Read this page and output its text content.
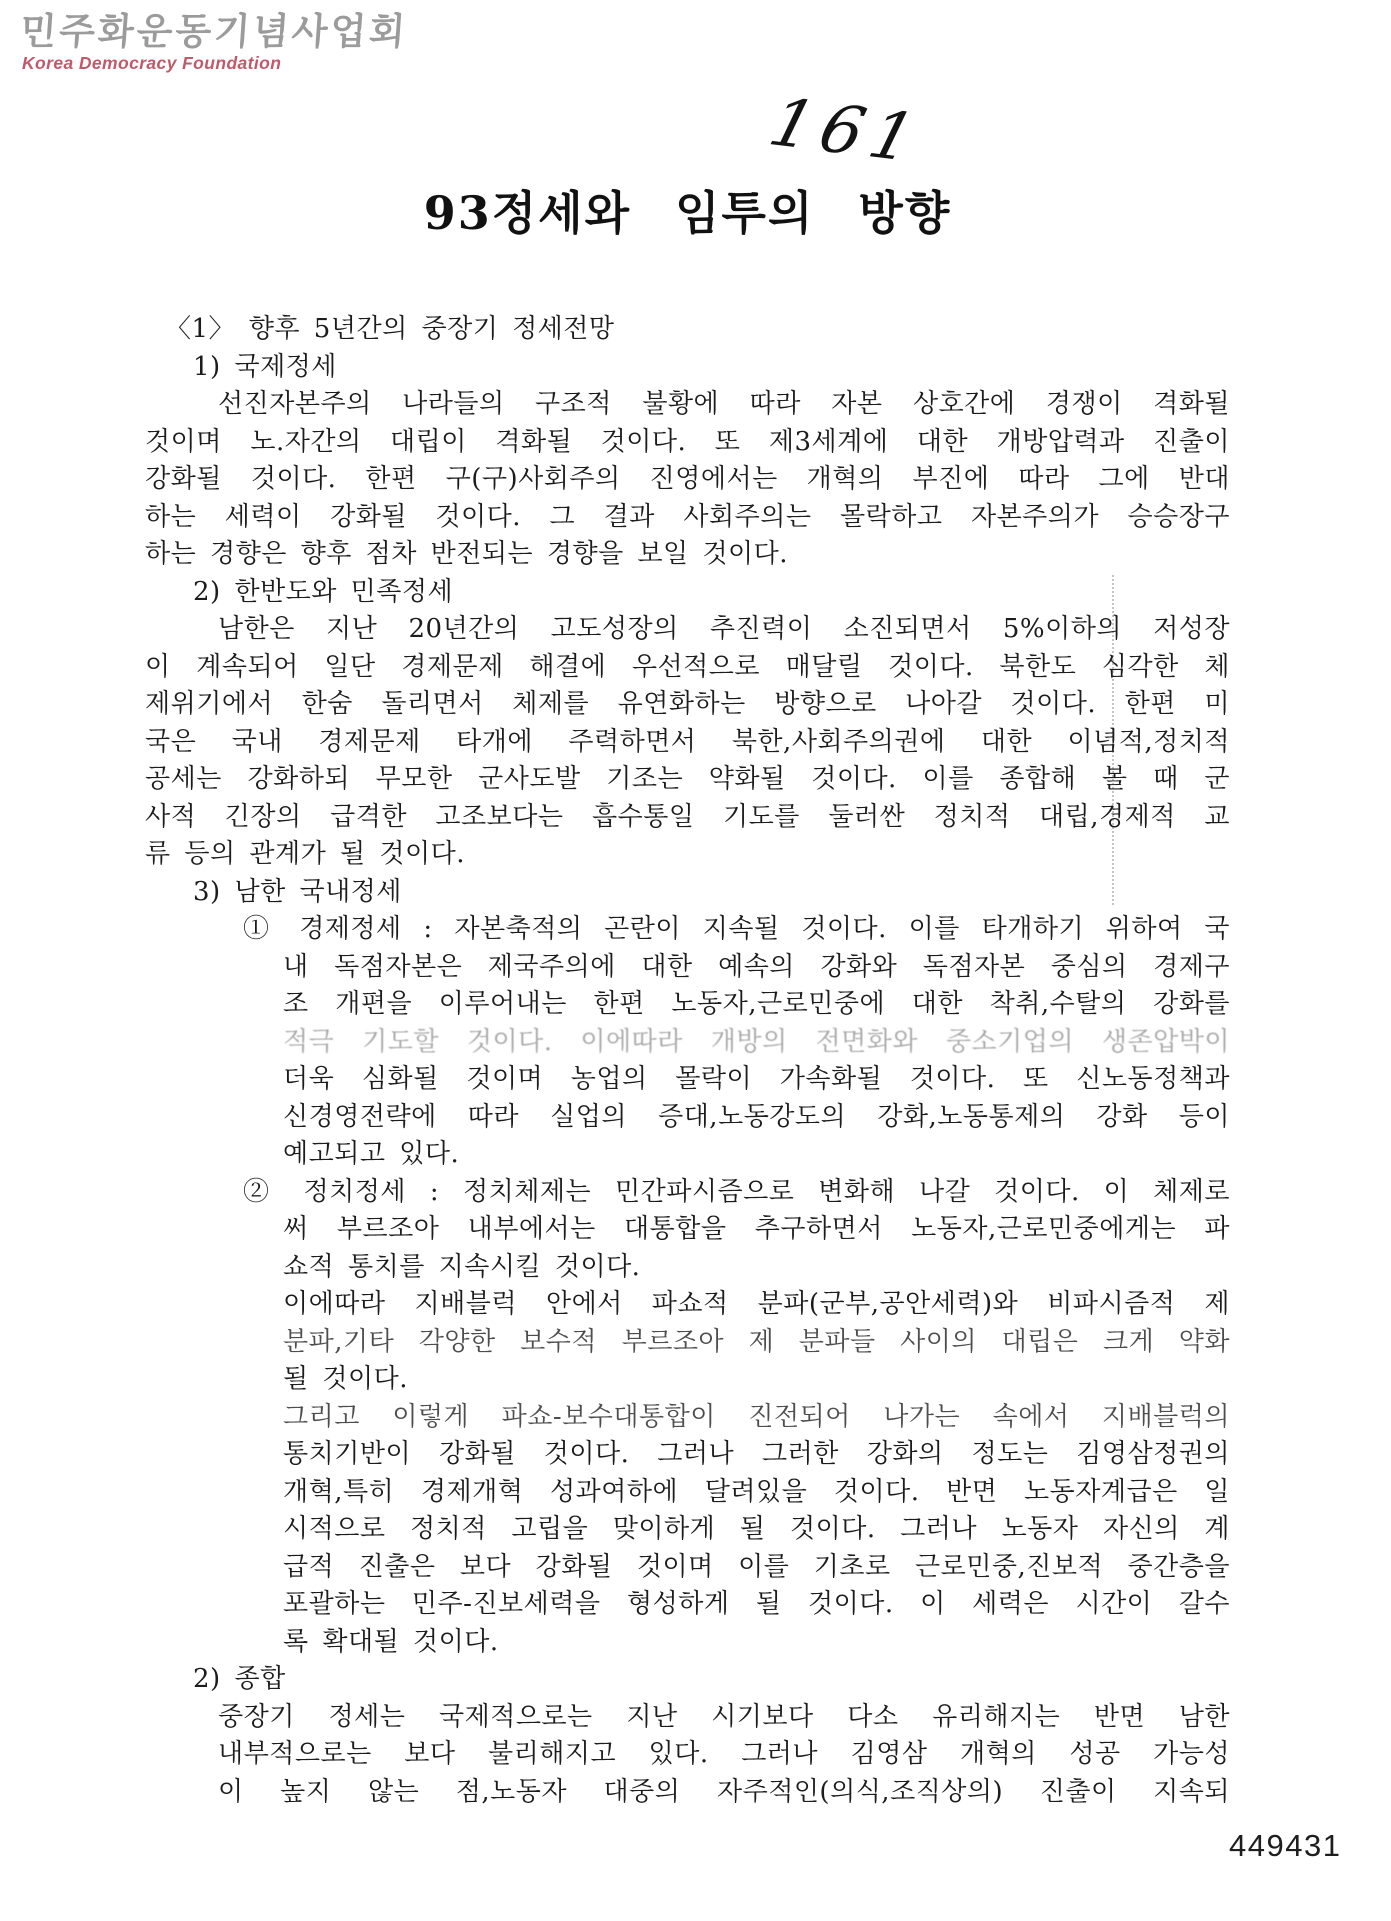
민주화운동기념사업회
Korea Democracy Foundation
161
93정세와 임투의 방향
〈1〉 향후 5년간의 중장기 정세전망
1) 국제정세
선진자본주의 나라들의 구조적 불황에 따라 자본 상호간에 경쟁이 격화될
것이며 노.자간의 대립이 격화될 것이다. 또 제3세계에 대한 개방압력과 진출이
강화될 것이다. 한편 구(구)사회주의 진영에서는 개혁의 부진에 따라 그에 반대
하는 세력이 강화될 것이다. 그 결과 사회주의는 몰락하고 자본주의가 승승장구
하는 경향은 향후 점차 반전되는 경향을 보일 것이다.
2) 한반도와 민족정세
남한은 지난 20년간의 고도성장의 추진력이 소진되면서 5%이하의 저성장
이 계속되어 일단 경제문제 해결에 우선적으로 매달릴 것이다. 북한도 심각한 체
제위기에서 한숨 돌리면서 체제를 유연화하는 방향으로 나아갈 것이다. 한편 미
국은 국내 경제문제 타개에 주력하면서 북한,사회주의권에 대한 이념적,정치적
공세는 강화하되 무모한 군사도발 기조는 약화될 것이다. 이를 종합해 볼 때 군
사적 긴장의 급격한 고조보다는 흡수통일 기도를 둘러싼 정치적 대립,경제적 교
류 등의 관계가 될 것이다.
3) 남한 국내정세
① 경제정세 : 자본축적의 곤란이 지속될 것이다. 이를 타개하기 위하여 국
내 독점자본은 제국주의에 대한 예속의 강화와 독점자본 중심의 경제구
조 개편을 이루어내는 한편 노동자,근로민중에 대한 착취,수탈의 강화를
적극 기도할 것이다. 이에따라 개방의 전면화와 중소기업의 생존압박이
더욱 심화될 것이며 농업의 몰락이 가속화될 것이다. 또 신노동정책과
신경영전략에 따라 실업의 증대,노동강도의 강화,노동통제의 강화 등이
예고되고 있다.
② 정치정세 : 정치체제는 민간파시즘으로 변화해 나갈 것이다. 이 체제로
써 부르조아 내부에서는 대통합을 추구하면서 노동자,근로민중에게는 파
쇼적 통치를 지속시킬 것이다.
이에따라 지배블럭 안에서 파쇼적 분파(군부,공안세력)와 비파시즘적 제
분파,기타 각양한 보수적 부르조아 제 분파들 사이의 대립은 크게 약화
될 것이다.
그리고 이렇게 파쇼-보수대통합이 진전되어 나가는 속에서 지배블럭의
통치기반이 강화될 것이다. 그러나 그러한 강화의 정도는 김영삼정권의
개혁,특히 경제개혁 성과여하에 달려있을 것이다. 반면 노동자계급은 일
시적으로 정치적 고립을 맞이하게 될 것이다. 그러나 노동자 자신의 계
급적 진출은 보다 강화될 것이며 이를 기초로 근로민중,진보적 중간층을
포괄하는 민주-진보세력을 형성하게 될 것이다. 이 세력은 시간이 갈수
록 확대될 것이다.
2) 종합
중장기 정세는 국제적으로는 지난 시기보다 다소 유리해지는 반면 남한
내부적으로는 보다 불리해지고 있다. 그러나 김영삼 개혁의 성공 가능성
이 높지 않는 점,노동자 대중의 자주적인(의식,조직상의) 진출이 지속되
449431
